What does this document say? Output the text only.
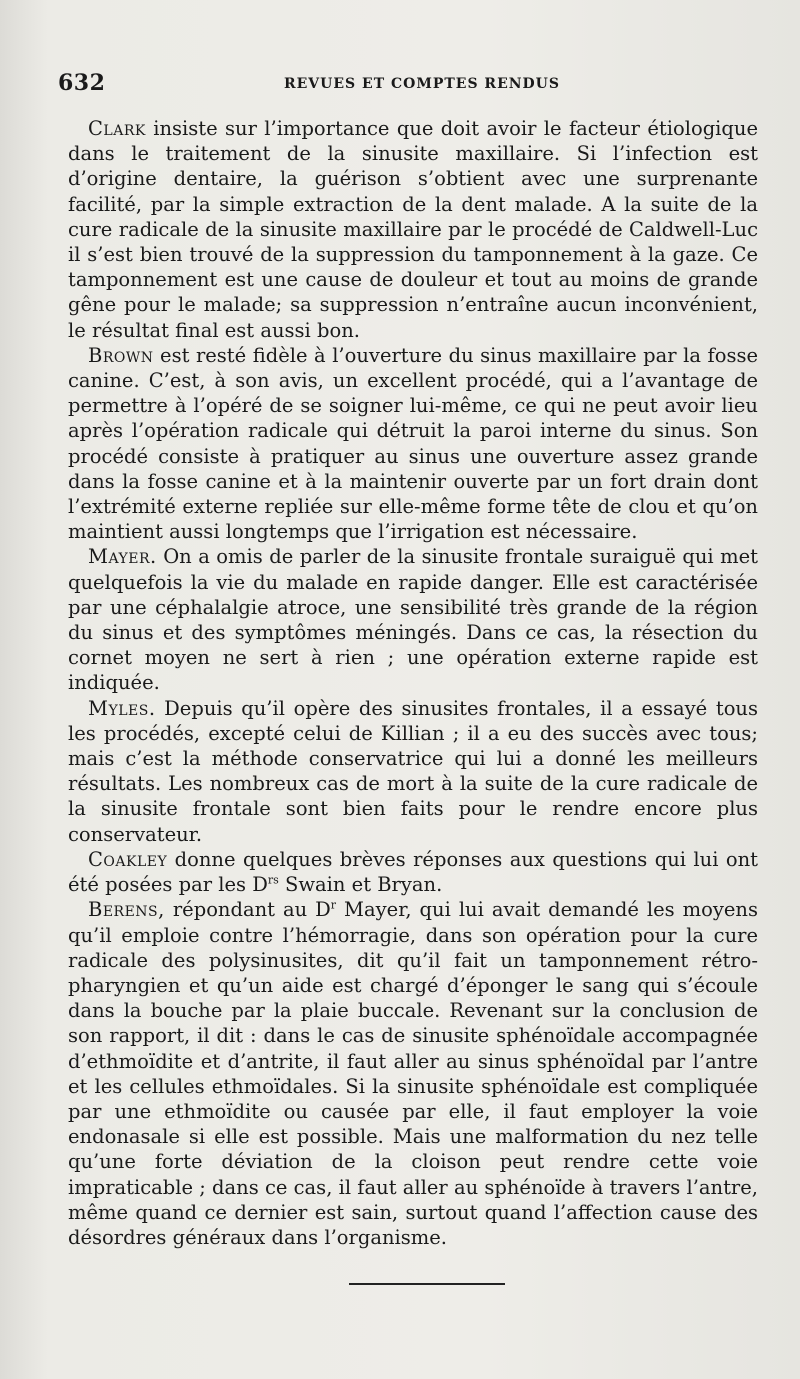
632	REVUES ET COMPTES RENDUS

Clark insiste sur l’importance que doit avoir le facteur étiologique dans le traitement de la sinusite maxillaire. Si l’infection est d’origine dentaire, la guérison s’obtient avec une surprenante facilité, par la simple extraction de la dent malade. A la suite de la cure radicale de la sinusite maxillaire par le procédé de Caldwell-Luc il s’est bien trouvé de la suppression du tamponnement à la gaze. Ce tamponnement est une cause de douleur et tout au moins de grande gêne pour le malade; sa suppression n’entraîne aucun inconvénient, le résultat final est aussi bon.

Brown est resté fidèle à l’ouverture du sinus maxillaire par la fosse canine. C’est, à son avis, un excellent procédé, qui a l’avantage de permettre à l’opéré de se soigner lui-même, ce qui ne peut avoir lieu après l’opération radicale qui détruit la paroi interne du sinus. Son procédé consiste à pratiquer au sinus une ouverture assez grande dans la fosse canine et à la maintenir ouverte par un fort drain dont l’extrémité externe repliée sur elle-même forme tête de clou et qu’on maintient aussi longtemps que l’irrigation est nécessaire.

Mayer. On a omis de parler de la sinusite frontale suraiguë qui met quelquefois la vie du malade en rapide danger. Elle est caractérisée par une céphalalgie atroce, une sensibilité très grande de la région du sinus et des symptômes méningés. Dans ce cas, la résection du cornet moyen ne sert à rien ; une opération externe rapide est indiquée.

Myles. Depuis qu’il opère des sinusites frontales, il a essayé tous les procédés, excepté celui de Killian ; il a eu des succès avec tous; mais c’est la méthode conservatrice qui lui a donné les meilleurs résultats. Les nombreux cas de mort à la suite de la cure radicale de la sinusite frontale sont bien faits pour le rendre encore plus conservateur.

Coakley donne quelques brèves réponses aux questions qui lui ont été posées par les $D^{rs}$ Swain et Bryan.

Berens, répondant au $D^r$ Mayer, qui lui avait demandé les moyens qu’il emploie contre l’hémorragie, dans son opération pour la cure radicale des polysinusites, dit qu’il fait un tamponnement rétro-pharyngien et qu’un aide est chargé d’éponger le sang qui s’écoule dans la bouche par la plaie buccale. Revenant sur la conclusion de son rapport, il dit : dans le cas de sinusite sphénoïdale accompagnée d’ethmoïdite et d’antrite, il faut aller au sinus sphénoïdal par l’antre et les cellules ethmoïdales. Si la sinusite sphénoïdale est compliquée par une ethmoïdite ou causée par elle, il faut employer la voie endonasale si elle est possible. Mais une malformation du nez telle qu’une forte déviation de la cloison peut rendre cette voie impraticable ; dans ce cas, il faut aller au sphénoïde à travers l’antre, même quand ce dernier est sain, surtout quand l’affection cause des désordres généraux dans l’organisme.
